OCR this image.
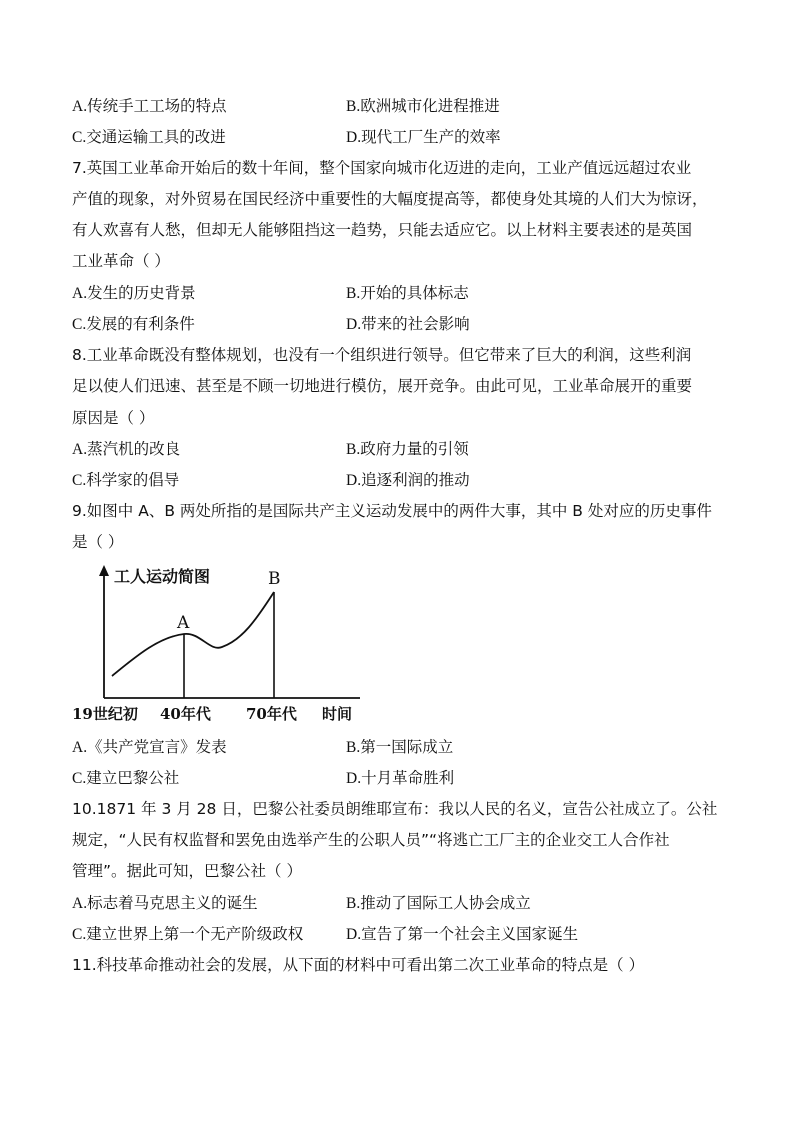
A.传统手工工场的特点	B.欧洲城市化进程推进
C.交通运输工具的改进	D.现代工厂生产的效率
7.英国工业革命开始后的数十年间，整个国家向城市化迈进的走向，工业产值远远超过农业
产值的现象，对外贸易在国民经济中重要性的大幅度提高等，都使身处其境的人们大为惊讶，
有人欢喜有人愁，但却无人能够阻挡这一趋势，只能去适应它。以上材料主要表述的是英国
工业革命（ ）
A.发生的历史背景	B.开始的具体标志
C.发展的有利条件	D.带来的社会影响
8.工业革命既没有整体规划，也没有一个组织进行领导。但它带来了巨大的利润，这些利润
足以使人们迅速、甚至是不顾一切地进行模仿，展开竞争。由此可见，工业革命展开的重要
原因是（ ）
A.蒸汽机的改良	B.政府力量的引领
C.科学家的倡导	D.追逐利润的推动
9.如图中 A、B 两处所指的是国际共产主义运动发展中的两件大事，其中 B 处对应的历史事件
是（ ）
工人运动简图
A
B
19世纪初 40年代 70年代 时间
A.《共产党宣言》发表	B.第一国际成立
C.建立巴黎公社	D.十月革命胜利
10.1871 年 3 月 28 日，巴黎公社委员朗维耶宣布：我以人民的名义，宣告公社成立了。公社
规定，“人民有权监督和罢免由选举产生的公职人员”“将逃亡工厂主的企业交工人合作社
管理”。据此可知，巴黎公社（ ）
A.标志着马克思主义的诞生	B.推动了国际工人协会成立
C.建立世界上第一个无产阶级政权	D.宣告了第一个社会主义国家诞生
11.科技革命推动社会的发展，从下面的材料中可看出第二次工业革命的特点是（ ）
